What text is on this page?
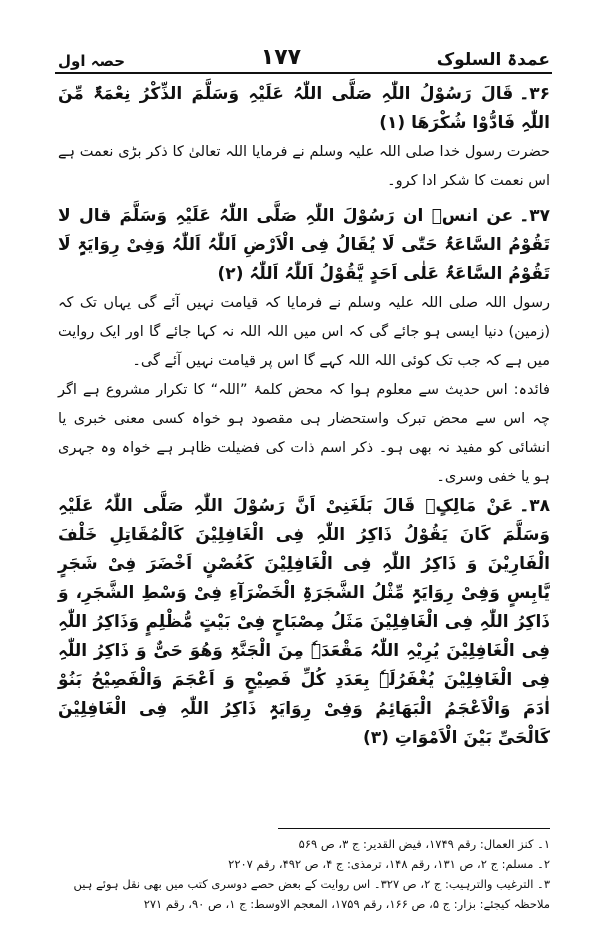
عمدۃ السلوک
۱۷۷
حصہ اول

۳۶۔قَالَ رَسُوْلُ اللّٰہِ صَلَّی اللّٰہُ عَلَیْہِ وَسَلَّمَ الذِّکْرُ نِعْمَۃٌ مِّنَ اللّٰہِ فَادُّوْا شُکْرَھَا (۱)

حضرت رسول خدا صلی اللہ علیہ وسلم نے فرمایا اللہ تعالیٰ کا ذکر بڑی نعمت ہے اس نعمت کا شکر ادا کرو۔

۳۷۔عن انسؓ ان رَسُوْلَ اللّٰہِ صَلَّی اللّٰہُ عَلَیْہِ وَسَلَّمَ قال لا تَقُوْمُ السَّاعَۃُ حَتّٰی لَا یُقَالُ فِی الْاَرْضِ اَللّٰہُ اَللّٰہُ وَفِیْ رِوَایَۃٍ لَا تَقُوْمُ السَّاعَۃُ عَلٰی اَحَدٍ یَّقُوْلُ اَللّٰہُ اَللّٰہُ (۲)

رسول اللہ صلی اللہ علیہ وسلم نے فرمایا کہ قیامت نہیں آئے گی یہاں تک کہ (زمین) دنیا ایسی ہو جائے گی کہ اس میں اللہ اللہ نہ کہا جائے گا اور ایک روایت میں ہے کہ جب تک کوئی اللہ اللہ کہے گا اس پر قیامت نہیں آئے گی۔

فائدہ: اس حدیث سے معلوم ہوا کہ محض کلمۂ ”اللہ“ کا تکرار مشروع ہے اگر چہ اس سے محض تبرک واستحضار ہی مقصود ہو خواہ کسی معنی خبری یا انشائی کو مفید نہ بھی ہو۔ ذکر اسم ذات کی فضیلت ظاہر ہے خواہ وہ جہری ہو یا خفی وسری۔

۳۸۔عَنْ مَالِکٍؒ قَالَ بَلَغَنِیْ اَنَّ رَسُوْلَ اللّٰہِ صَلَّی اللّٰہُ عَلَیْہِ وَسَلَّمَ کَانَ یَقُوْلُ ذَاکِرُ اللّٰہِ فِی الْغَافِلِیْنَ کَالْمُقَاتِلِ خَلْفَ الْفَارِیْنَ وَ ذَاکِرُ اللّٰہِ فِی الْغَافِلِیْنَ کَغُصْنٍ اَخْضَرَ فِیْ شَجَرٍ یَّابِسٍ وَفِیْ رِوَایَۃٍ مِّثْلُ الشَّجَرَۃِ الْخَضْرَآءِ فِیْ وَسْطِ الشَّجَرِ، وَ ذَاکِرُ اللّٰہِ فِی الْغَافِلِیْنَ مَثَلُ مِصْبَاحٍ فِیْ بَیْتٍ مُّظْلِمٍ وَذَاکِرُ اللّٰہِ فِی الْغَافِلِیْنَ یُرِیْہِ اللّٰہُ مَقْعَدَہٗ مِنَ الْجَنَّۃِ وَھُوَ حَیٌّ وَ ذَاکِرُ اللّٰہِ فِی الْغَافِلِیْنَ یُغْفَرُلَہٗ بِعَدَدِ کُلِّ فَصِیْحٍ وَ اَعْجَمَ وَالْفَصِیْحُ بَنُوْ اٰدَمَ وَالْاَعْجَمُ الْبَھَائِمُ وَفِیْ رِوَایَۃٍ ذَاکِرُ اللّٰہِ فِی الْغَافِلِیْنَ کَالْحَیِّ بَیْنَ الْاَمْوَاتِ (۳)

۱۔ کنز العمال: رقم ۱۷۴۹، فیض القدیر: ج ۳، ص ۵۶۹
۲۔ مسلم: ج ۲، ص ۱۳۱، رقم ۱۴۸، ترمذی: ج ۴، ص ۴۹۲، رقم ۲۲۰۷
۳۔ الترغیب والترہیب: ج ۲، ص ۳۲۷۔ اس روایت کے بعض حصے دوسری کتب میں بھی نقل ہوئے ہیں ملاحظہ کیجئے: بزار: ج ۵، ص ۱۶۶، رقم ۱۷۵۹، المعجم الاوسط: ج ۱، ص ۹۰، رقم ۲۷۱
